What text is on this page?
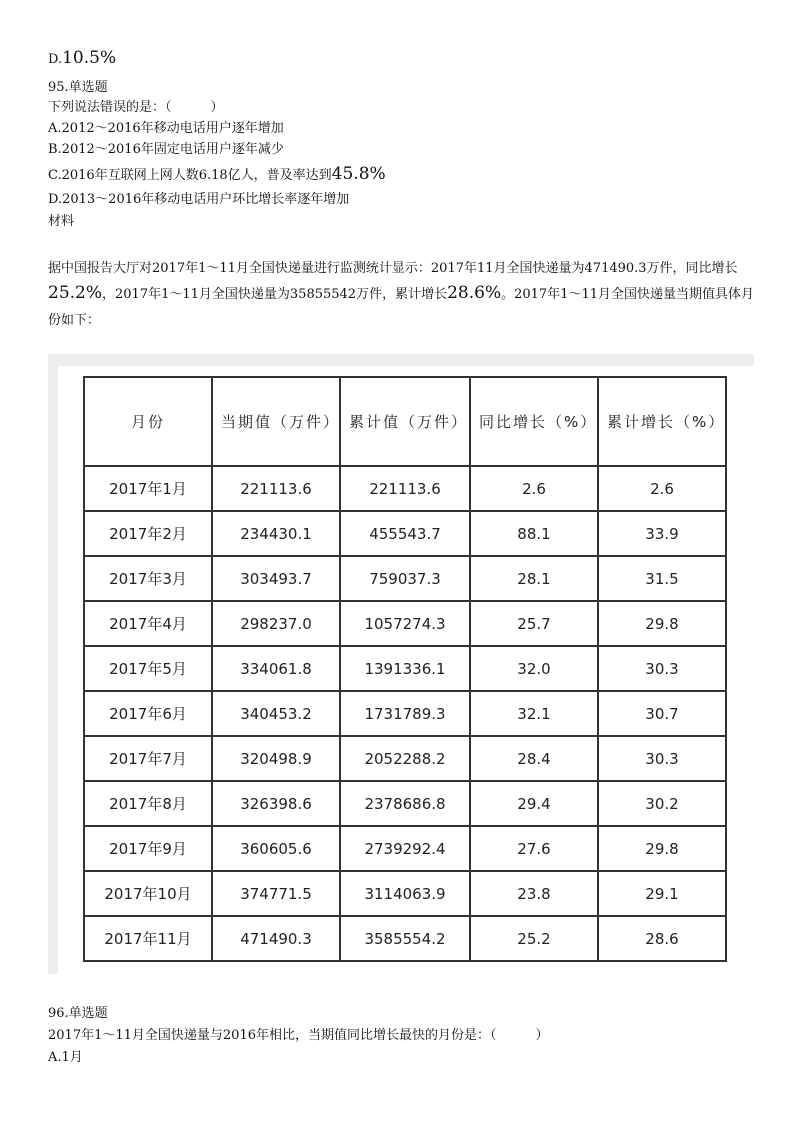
D.10.5%
95.单选题
下列说法错误的是：（　　　）
A.2012～2016年移动电话用户逐年增加
B.2012～2016年固定电话用户逐年减少
C.2016年互联网上网人数6.18亿人，普及率达到45.8%
D.2013～2016年移动电话用户环比增长率逐年增加
材料
据中国报告大厅对2017年1～11月全国快递量进行监测统计显示：2017年11月全国快递量为471490.3万件，同比增长25.2%，2017年1～11月全国快递量为35855542万件，累计增长28.6%。2017年1～11月全国快递量当期值具体月份如下：
月份	当期值（万件）	累计值（万件）	同比增长（%）	累计增长（%）
2017年1月	221113.6	221113.6	2.6	2.6
2017年2月	234430.1	455543.7	88.1	33.9
2017年3月	303493.7	759037.3	28.1	31.5
2017年4月	298237.0	1057274.3	25.7	29.8
2017年5月	334061.8	1391336.1	32.0	30.3
2017年6月	340453.2	1731789.3	32.1	30.7
2017年7月	320498.9	2052288.2	28.4	30.3
2017年8月	326398.6	2378686.8	29.4	30.2
2017年9月	360605.6	2739292.4	27.6	29.8
2017年10月	374771.5	3114063.9	23.8	29.1
2017年11月	471490.3	3585554.2	25.2	28.6
96.单选题
2017年1～11月全国快递量与2016年相比，当期值同比增长最快的月份是：（　　　）
A.1月
